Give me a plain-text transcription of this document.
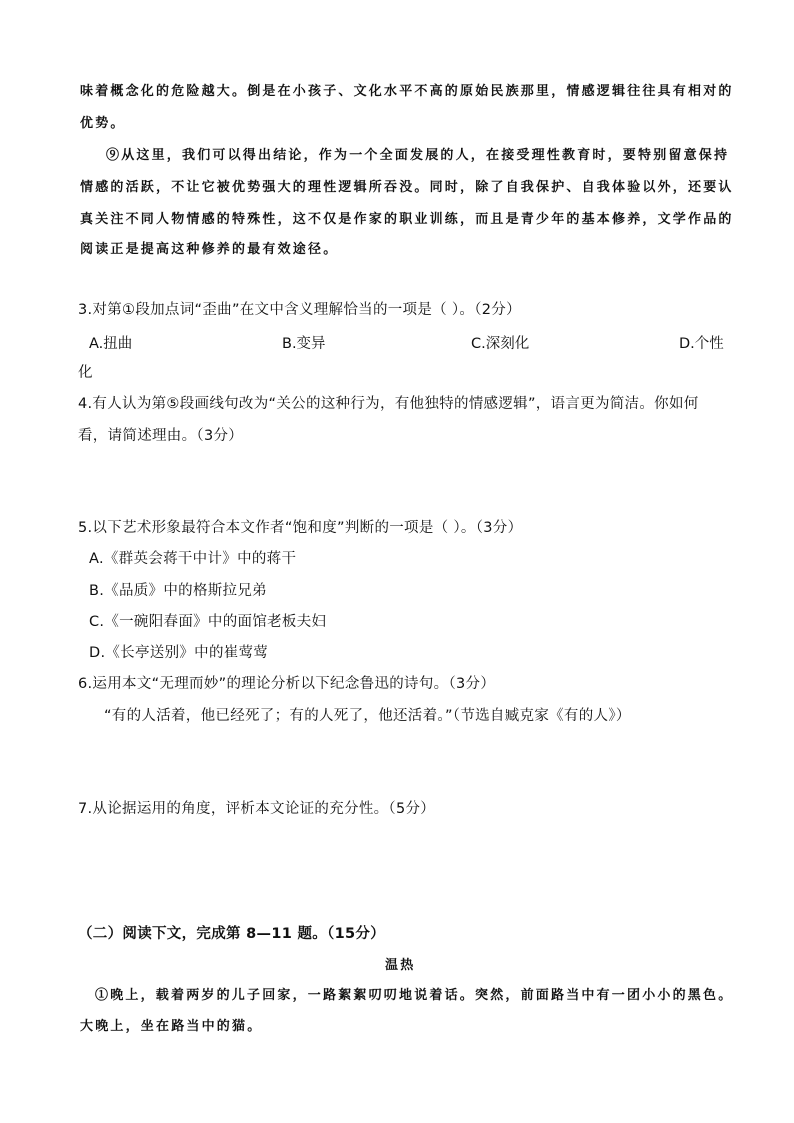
味着概念化的危险越大。倒是在小孩子、文化水平不高的原始民族那里，情感逻辑往往具有相对的
优势。
⑨从这里，我们可以得出结论，作为一个全面发展的人，在接受理性教育时，要特别留意保持
情感的活跃，不让它被优势强大的理性逻辑所吞没。同时，除了自我保护、自我体验以外，还要认
真关注不同人物情感的特殊性，这不仅是作家的职业训练，而且是青少年的基本修养，文学作品的
阅读正是提高这种修养的最有效途径。
3.对第①段加点词“歪曲”在文中含义理解恰当的一项是（ ）。（2分）
A.扭曲	B.变异	C.深刻化	D.个性
化
4.有人认为第⑤段画线句改为“关公的这种行为，有他独特的情感逻辑”，语言更为简洁。你如何
看，请简述理由。（3分）
5.以下艺术形象最符合本文作者“饱和度”判断的一项是（ ）。（3分）
A.《群英会蒋干中计》中的蒋干
B.《品质》中的格斯拉兄弟
C.《一碗阳春面》中的面馆老板夫妇
D.《长亭送别》中的崔莺莺
6.运用本文“无理而妙”的理论分析以下纪念鲁迅的诗句。（3分）
“有的人活着，他已经死了；有的人死了，他还活着。”（节选自臧克家《有的人》）
7.从论据运用的角度，评析本文论证的充分性。（5分）
（二）阅读下文，完成第 8—11 题。（15分）
温热
①晚上，载着两岁的儿子回家，一路絮絮叨叨地说着话。突然，前面路当中有一团小小的黑色。
大晚上，坐在路当中的猫。
